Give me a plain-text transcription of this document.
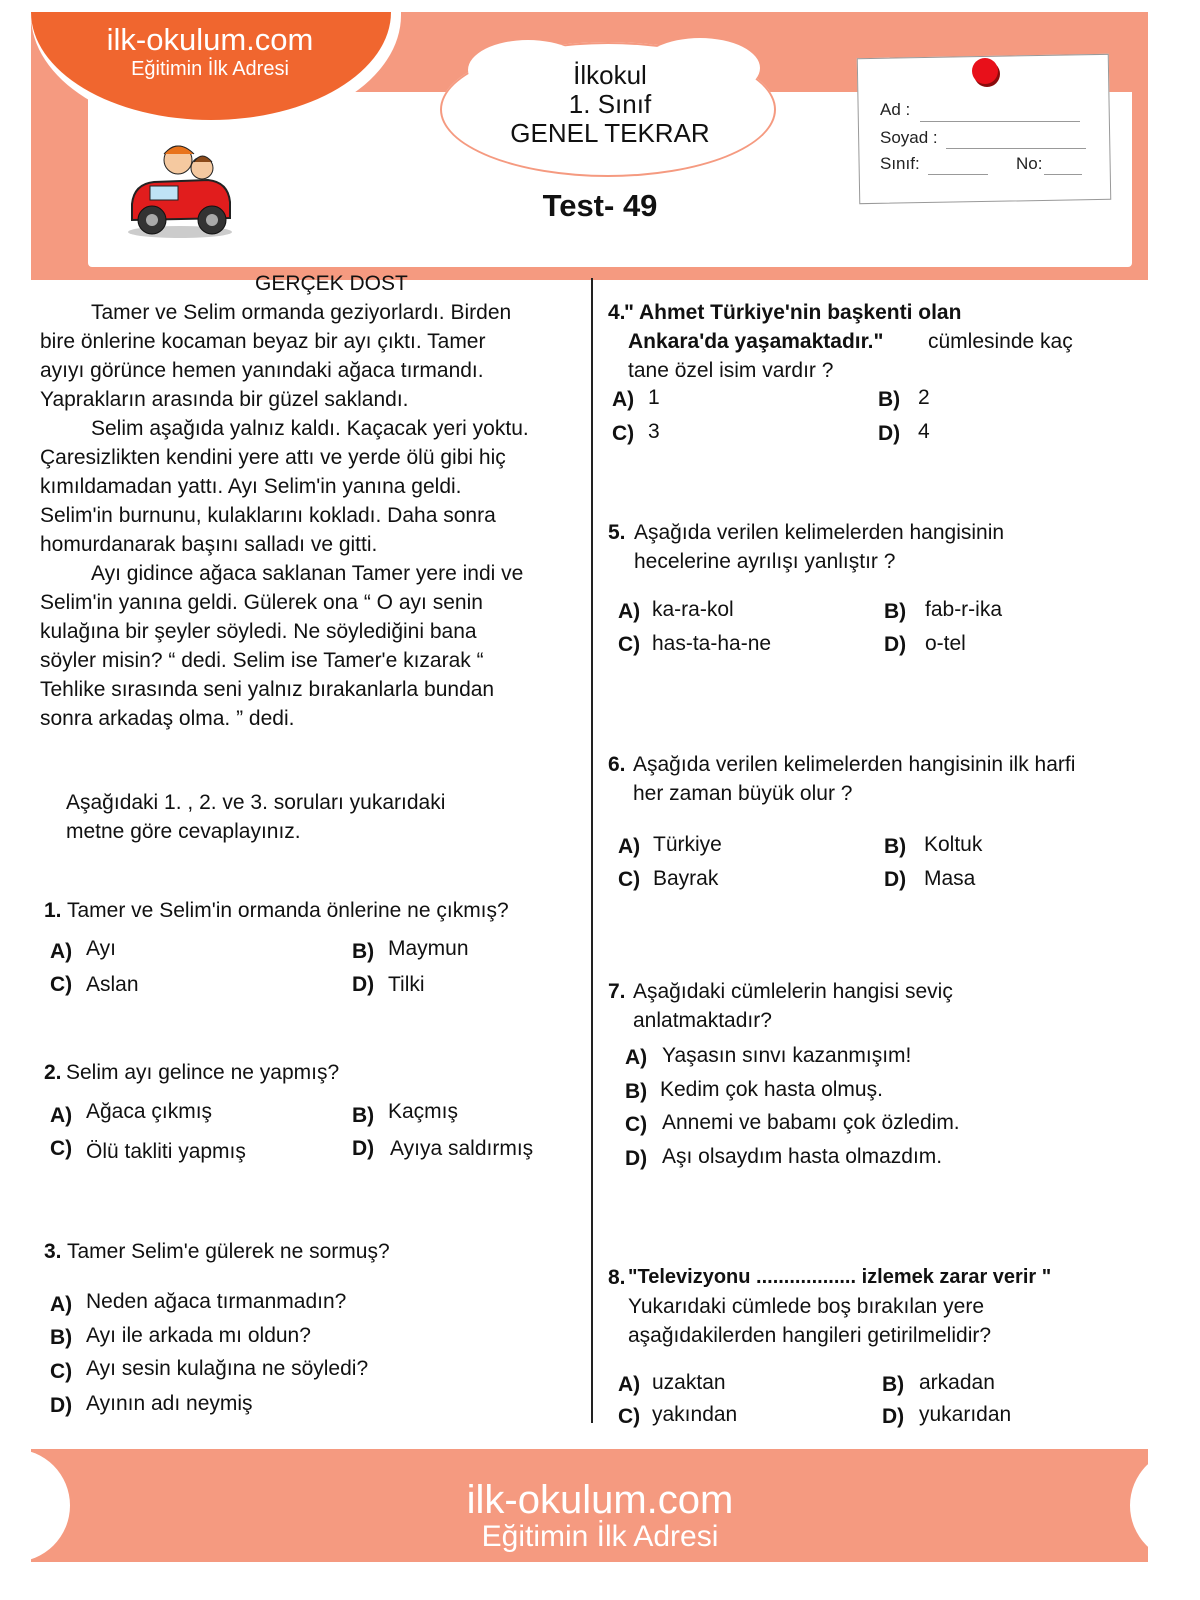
ilk-okulum.com
Eğitimin İlk Adresi	İlkokul
1. Sınıf
GENEL TEKRAR
Test- 49
Ad :
Soyad :
Sınıf:	No:
GERÇEK DOST
Tamer ve Selim ormanda geziyorlardı. Birden
bire önlerine kocaman beyaz bir ayı çıktı. Tamer
ayıyı görünce hemen yanındaki ağaca tırmandı.
Yaprakların arasında bir güzel saklandı.
Selim aşağıda yalnız kaldı. Kaçacak yeri yoktu.
Çaresizlikten kendini yere attı ve yerde ölü gibi hiç
kımıldamadan yattı. Ayı Selim'in yanına geldi.
Selim'in burnunu, kulaklarını kokladı. Daha sonra
homurdanarak başını salladı ve gitti.
Ayı gidince ağaca saklanan Tamer yere indi ve
Selim'in yanına geldi. Gülerek ona “ O ayı senin
kulağına bir şeyler söyledi. Ne söylediğini bana
söyler misin? “ dedi. Selim ise Tamer'e kızarak “
Tehlike sırasında seni yalnız bırakanlarla bundan
sonra arkadaş olma. ” dedi.
Aşağıdaki 1. , 2. ve 3. soruları yukarıdaki
metne göre cevaplayınız.
1. Tamer ve Selim'in ormanda önlerine ne çıkmış?
A) Ayı	B) Maymun
C) Aslan	D) Tilki
2. Selim ayı gelince ne yapmış?
A) Ağaca çıkmış	B) Kaçmış
C) Ölü takliti yapmış	D) Ayıya saldırmış
3. Tamer Selim'e gülerek ne sormuş?
A) Neden ağaca tırmanmadın?
B) Ayı ile arkada mı oldun?
C) Ayı sesin kulağına ne söyledi?
D) Ayının adı neymiş
4.
" Ahmet Türkiye'nin başkenti olan
Ankara'da yaşamaktadır." cümlesinde kaç
tane özel isim vardır ?
A) 1	B) 2
C) 3	D) 4
5. Aşağıda verilen kelimelerden hangisinin
hecelerine ayrılışı yanlıştır ?
A) ka-ra-kol	B) fab-r-ika
C) has-ta-ha-ne	D) o-tel
6. Aşağıda verilen kelimelerden hangisinin ilk harfi
her zaman büyük olur ?
A) Türkiye	B) Koltuk
C) Bayrak	D) Masa
7. Aşağıdaki cümlelerin hangisi seviç
anlatmaktadır?
A) Yaşasın sınvı kazanmışım!
B) Kedim çok hasta olmuş.
C) Annemi ve babamı çok özledim.
D) Aşı olsaydım hasta olmazdım.
8. "Televizyonu .................. izlemek zarar verir "
Yukarıdaki cümlede boş bırakılan yere
aşağıdakilerden hangileri getirilmelidir?
A) uzaktan	B) arkadan
C) yakından	D) yukarıdan
ilk-okulum.com
Eğitimin İlk Adresi
